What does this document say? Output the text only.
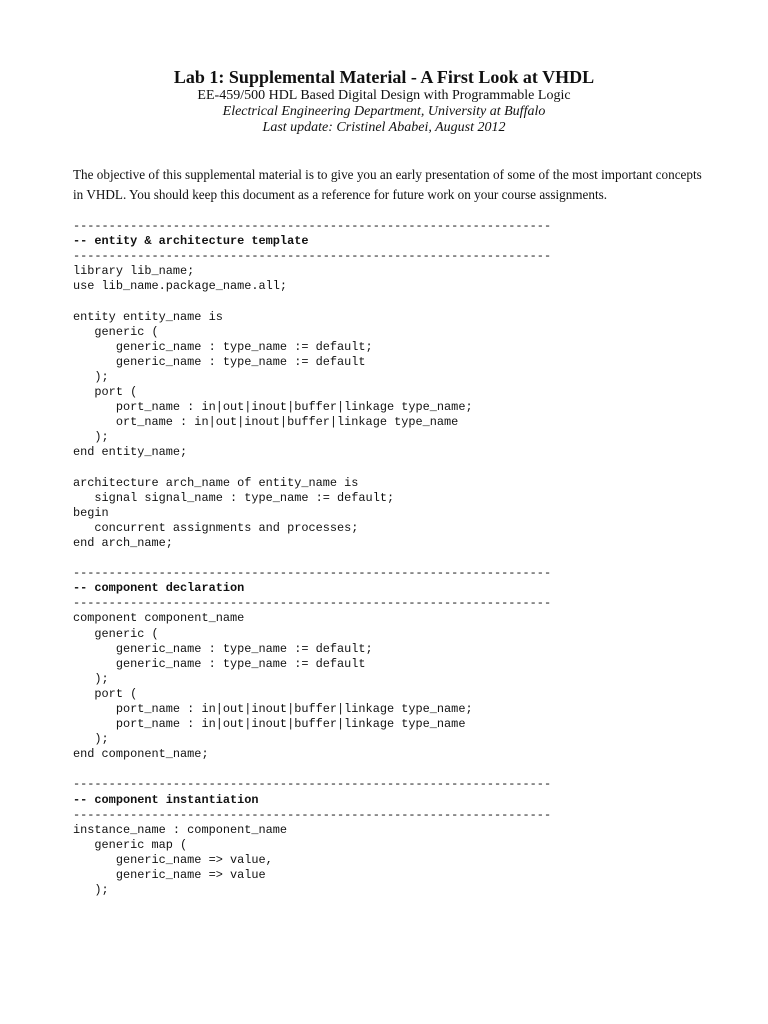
Lab 1: Supplemental Material - A First Look at VHDL

EE-459/500 HDL Based Digital Design with Programmable Logic

Electrical Engineering Department, University at Buffalo

Last update: Cristinel Ababei, August 2012

The objective of this supplemental material is to give you an early presentation of some of the most important concepts in VHDL. You should keep this document as a reference for future work on your course assignments.

-------------------------------------------------------------------
-- entity & architecture template
-------------------------------------------------------------------
library lib_name;
use lib_name.package_name.all;
entity entity_name is
generic (
generic_name : type_name := default;
generic_name : type_name := default
);
port (
port_name : in|out|inout|buffer|linkage type_name;
ort_name : in|out|inout|buffer|linkage type_name
);
end entity_name;
architecture arch_name of entity_name is
signal signal_name : type_name := default;
begin
concurrent assignments and processes;
end arch_name;
-------------------------------------------------------------------
-- component declaration
-------------------------------------------------------------------
component component_name
generic (
generic_name : type_name := default;
generic_name : type_name := default
);
port (
port_name : in|out|inout|buffer|linkage type_name;
port_name : in|out|inout|buffer|linkage type_name
);
end component_name;
-------------------------------------------------------------------
-- component instantiation
-------------------------------------------------------------------
instance_name : component_name
generic map (
generic_name => value,
generic_name => value
);
